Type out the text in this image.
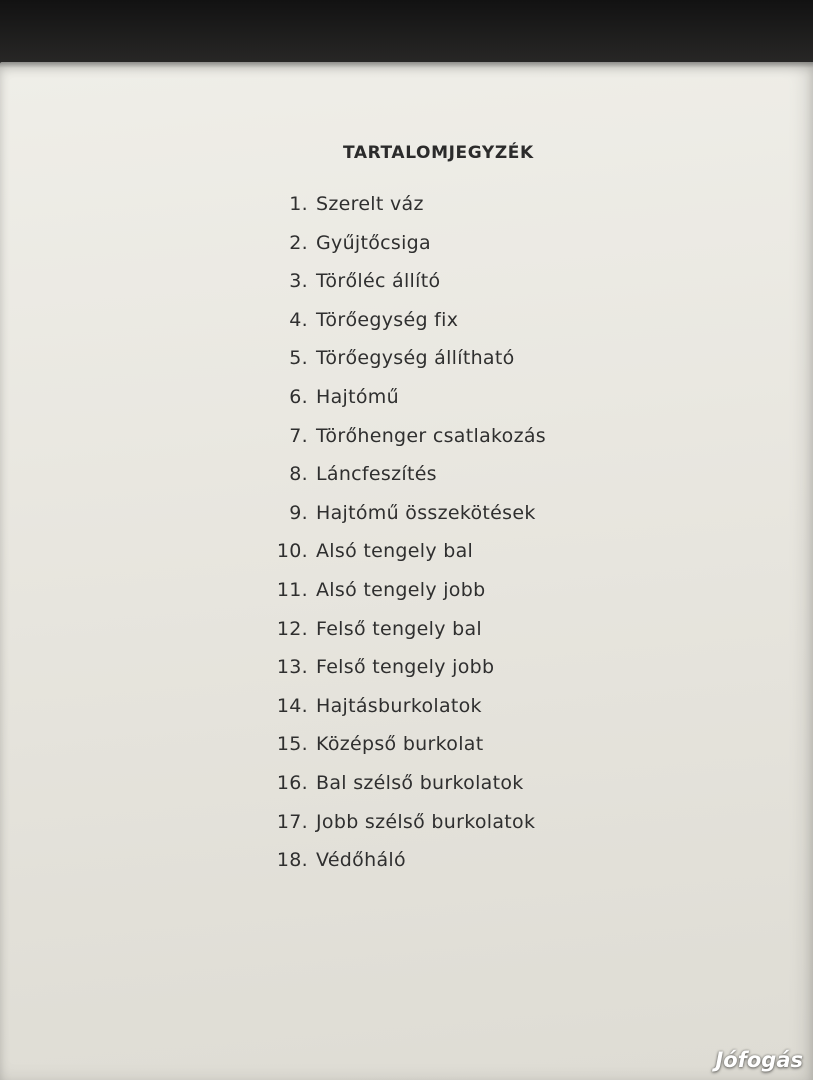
TARTALOMJEGYZÉK
1. Szerelt váz
2. Gyűjtőcsiga
3. Törőléc állító
4. Törőegység fix
5. Törőegység állítható
6. Hajtómű
7. Törőhenger csatlakozás
8. Láncfeszítés
9. Hajtómű összekötések
10. Alsó tengely bal
11. Alsó tengely jobb
12. Felső tengely bal
13. Felső tengely jobb
14. Hajtásburkolatok
15. Középső burkolat
16. Bal szélső burkolatok
17. Jobb szélső burkolatok
18. Védőháló
Jófogás
